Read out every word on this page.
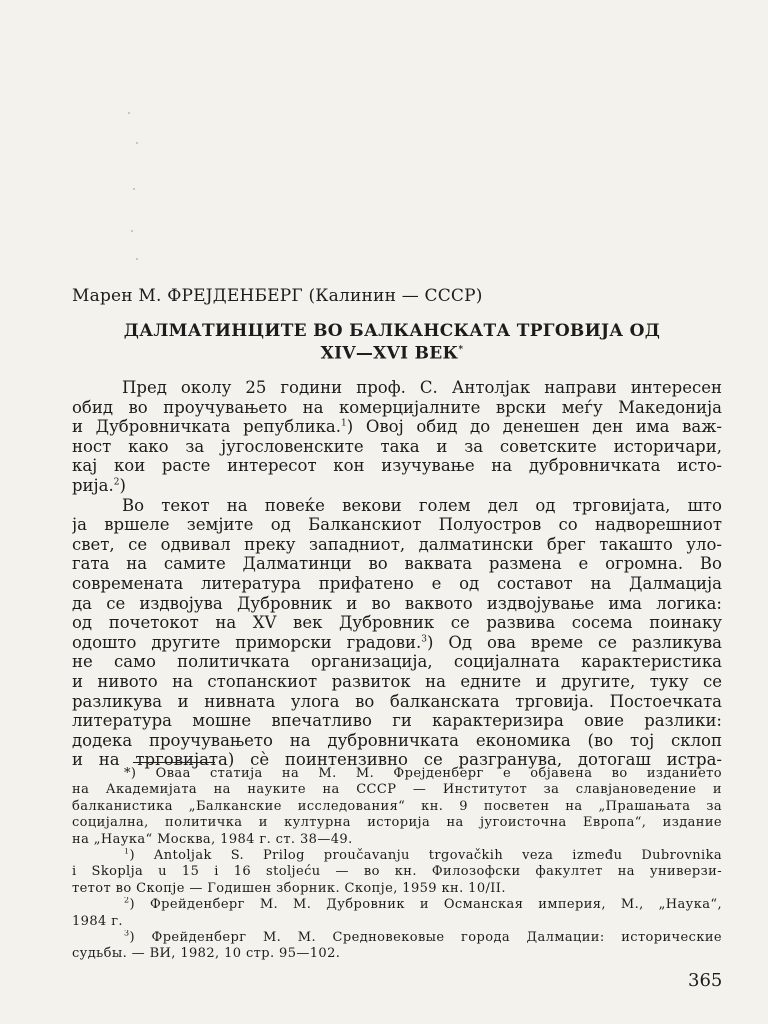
Марен М. ФРЕЈДЕНБЕРГ (Калинин — СССР)
ДАЛМАТИНЦИТЕ ВО БАЛКАНСКАТА ТРГОВИЈА ОД
XIV—XVI ВЕК*
Пред околу 25 години проф. С. Антолјак направи интересен
обид во проучувањето на комерцијалните врски меѓу Македонија
и Дубровничката република.$^1$) Овој обид до денешен ден има важ-
ност како за југословенските така и за советските историчари,
кај кои расте интересот кон изучување на дубровничката исто-
рија.$^2$)
Во текот на повеќе векови голем дел од трговијата, што
ја вршеле земјите од Балканскиот Полуостров со надворешниот
свет, се одвивал преку западниот, далматински брег такашто уло-
гата на самите Далматинци во ваквата размена е огромна. Во
современата литература прифатено е од составот на Далмација
да се издвојува Дубровник и во ваквото издвојување има логика:
од почетокот на XV век Дубровник се развива сосема поинаку
одошто другите приморски градови.$^3$) Од ова време се разликува
не само политичката организација, социјалната карактеристика
и нивото на стопанскиот развиток на едните и другите, туку се
разликува и нивната улога во балканската трговија. Постоечката
литература мошне впечатливо ги карактеризира овие разлики:
додека проучувањето на дубровничката економика (во тој склоп
и на трговијата) сè поинтензивно се разгранува, дотогаш истра-
*) Оваа статија на М. М. Фрејденберг е објавена во изданието
на Академијата на науките на СССР — Институтот за славјановедение и
балканистика „Балканские исследования“ кн. 9 посветен на „Прашањата за
социјална, политичка и културна историја на југоисточна Европа“, издание
на „Наука“ Москва, 1984 г. ст. 38—49.
$^1$) Antoljak S. Prilog proučavanju trgovačkih veza između Dubrovnika
i Skoplja u 15 i 16 stoljeću — во кн. Филозофски факултет на универзи-
тетот во Скопје — Годишен зборник. Скопје, 1959 кн. 10/II.
$^2$) Фрейденберг М. М. Дубровник и Османская империя, М., „Наука“,
1984 г.
$^3$) Фрейденберг М. М. Средновековые города Далмации: исторические
судьбы. — ВИ, 1982, 10 стр. 95—102.
365
